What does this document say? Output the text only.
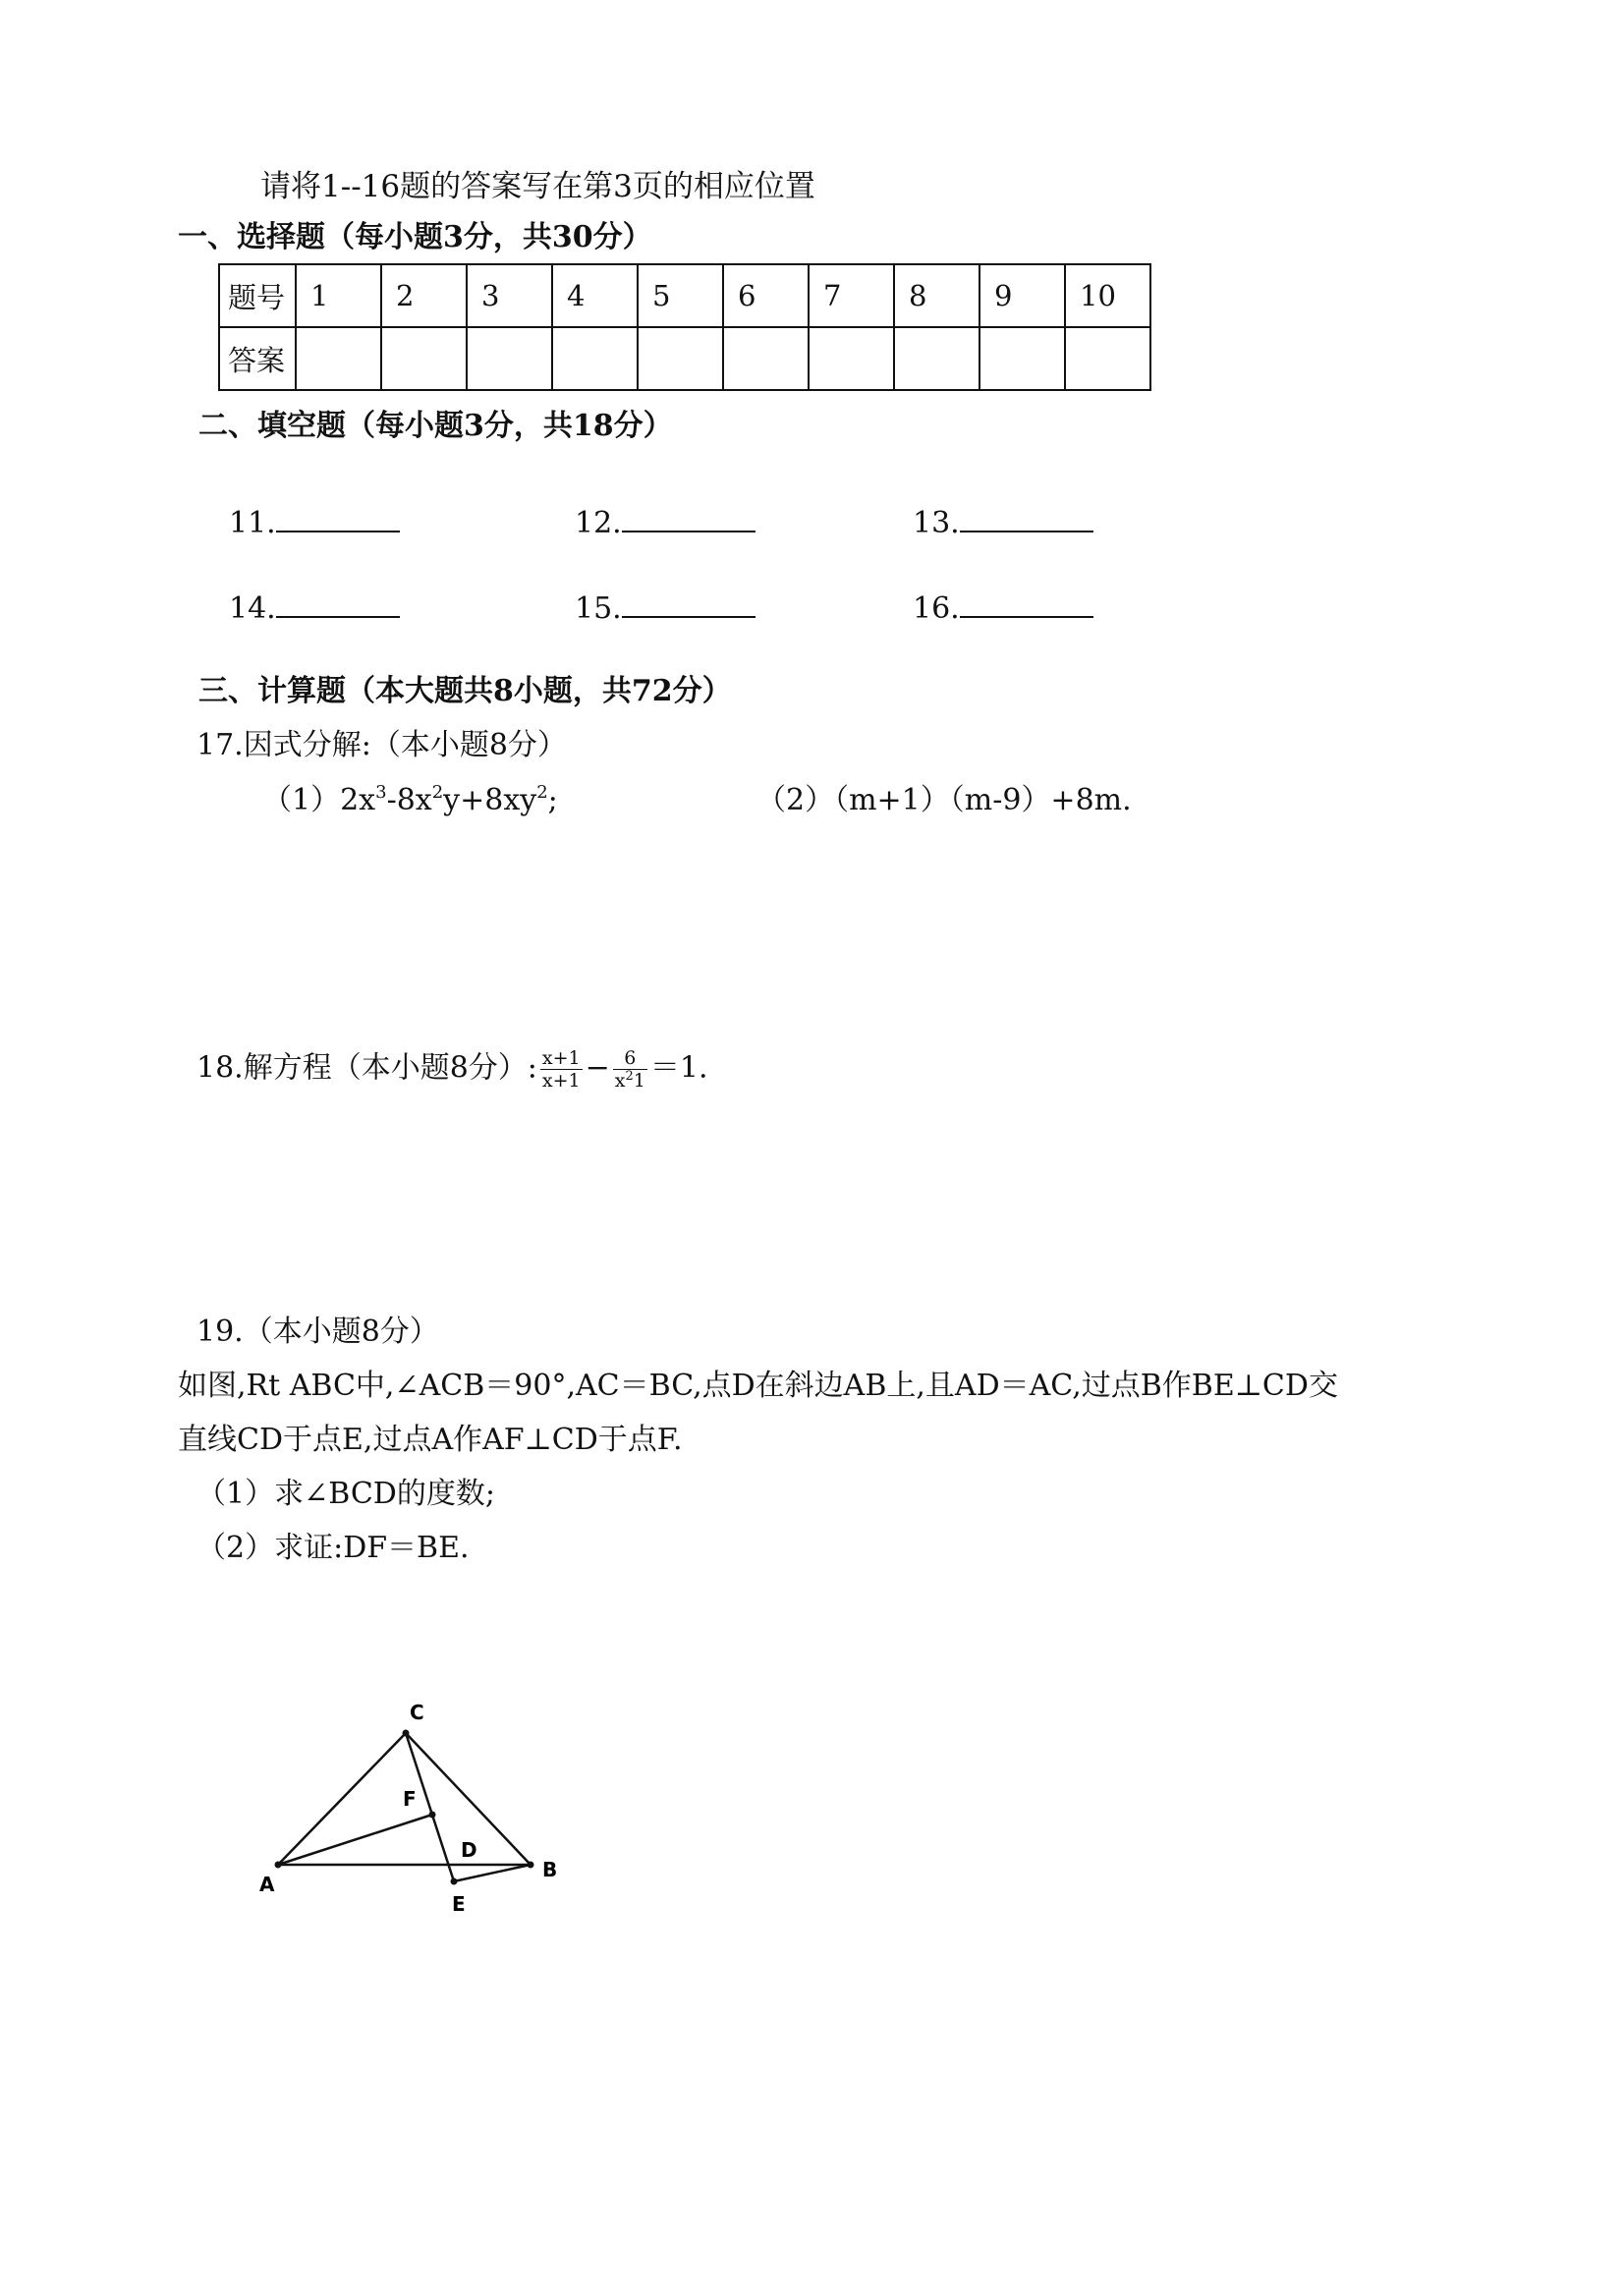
请将1--16题的答案写在第3页的相应位置
一、选择题（每小题3分，共30分）
题号	1	2	3	4	5	6	7	8	9	10
答案										
二、填空题（每小题3分，共18分）
11.	12.	13.
14.	15.	16.
三、计算题（本大题共8小题，共72分）
17.因式分解:（本小题8分）
$(1)2x^3-8x^2y+8xy^2$;	（2）（m+1）（m-9）+8m.
18.解方程（本小题8分）: $\frac{x+1}{x+1} - \frac{6}{x^21} =1$.
19.（本小题8分）
如图,Rt ABC中,∠ACB＝90°,AC＝BC,点D在斜边AB上,且AD＝AC,过点B作BE⊥CD交
直线CD于点E,过点A作AF⊥CD于点F.
（1）求∠BCD的度数;
（2）求证:DF＝BE.
C
F
D
A
B
E
